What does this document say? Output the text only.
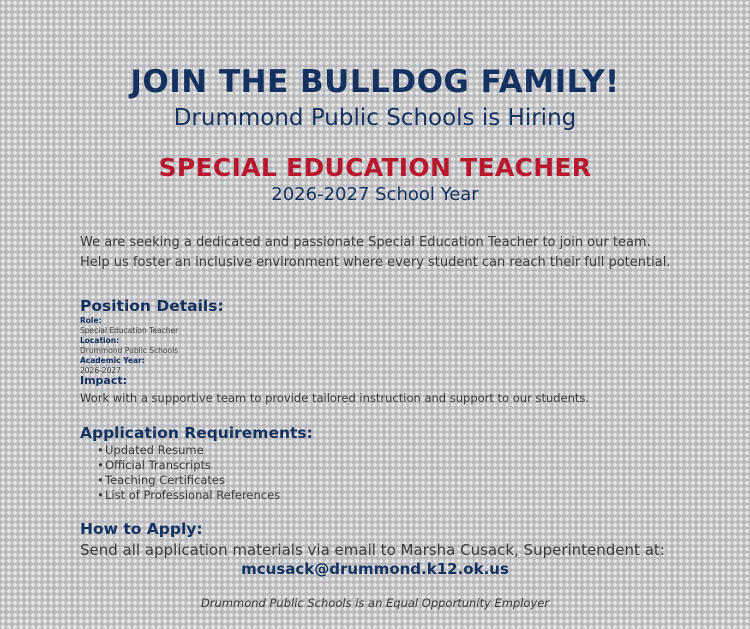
JOIN THE BULLDOG FAMILY!
Drummond Public Schools is Hiring
SPECIAL EDUCATION TEACHER
2026-2027 School Year
We are seeking a dedicated and passionate Special Education Teacher to join our team.
Help us foster an inclusive environment where every student can reach their full potential.
Position Details:
Role:
Special Education Teacher
Location:
Drummond Public Schools
Academic Year:
2026-2027
Impact:
Work with a supportive team to provide tailored instruction and support to our students.
Application Requirements:
•Updated Resume
•Official Transcripts
•Teaching Certificates
•List of Professional References
How to Apply:
Send all application materials via email to Marsha Cusack, Superintendent at:
mcusack@drummond.k12.ok.us
Drummond Public Schools is an Equal Opportunity Employer
